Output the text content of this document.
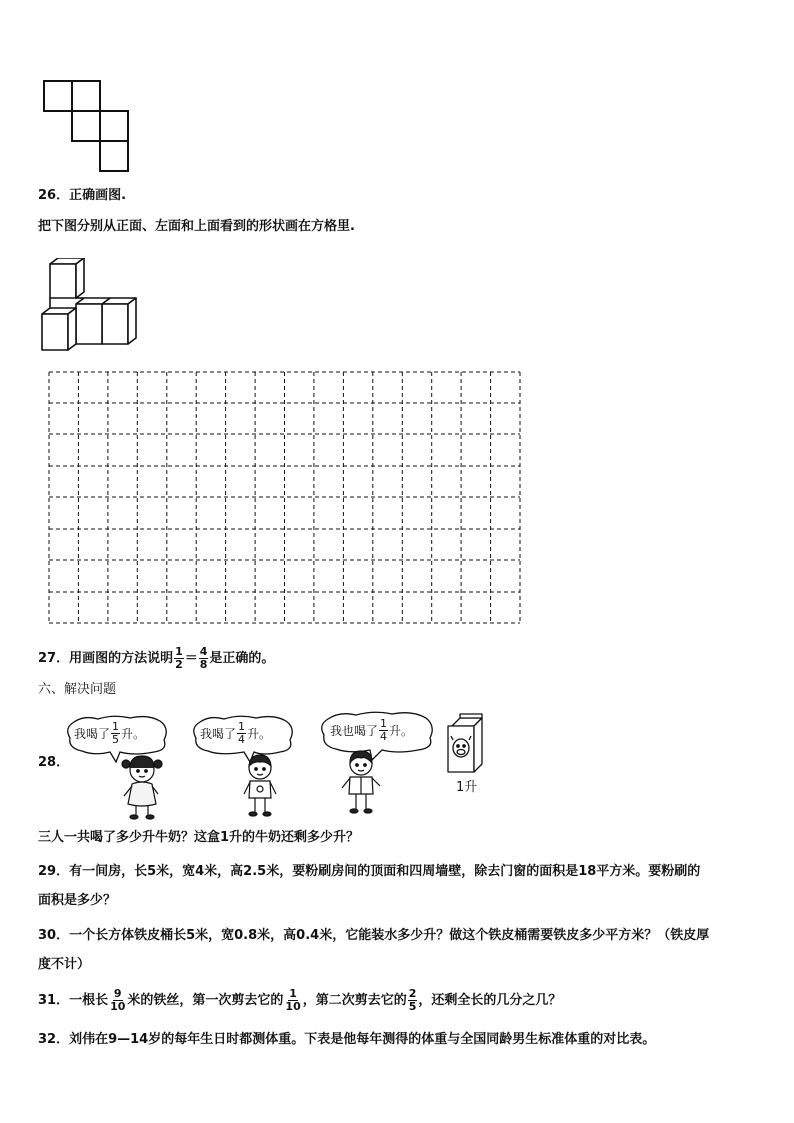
26．正确画图.
把下图分别从正面、左面和上面看到的形状画在方格里.
27．用画图的方法说明 $\frac{1}{2} = \frac{4}{8}$ 是正确的。
六、解决问题
28．
我喝了 $\frac{1}{5}$ 升。	我喝了 $\frac{1}{4}$ 升。	我也喝了 $\frac{1}{4}$ 升。
1升
三人一共喝了多少升牛奶？这盒1升的牛奶还剩多少升？
29．有一间房，长5米，宽4米，高2.5米，要粉刷房间的顶面和四周墙壁，除去门窗的面积是18平方米。要粉刷的
面积是多少？
30．一个长方体铁皮桶长5米，宽0.8米，高0.4米，它能装水多少升？做这个铁皮桶需要铁皮多少平方米？（铁皮厚
度不计）
31．一根长 $\frac{9}{10}$ 米的铁丝，第一次剪去它的 $\frac{1}{10}$ ，第二次剪去它的 $\frac{2}{5}$ ，还剩全长的几分之几？
32．刘伟在9—14岁的每年生日时都测体重。下表是他每年测得的体重与全国同龄男生标准体重的对比表。
